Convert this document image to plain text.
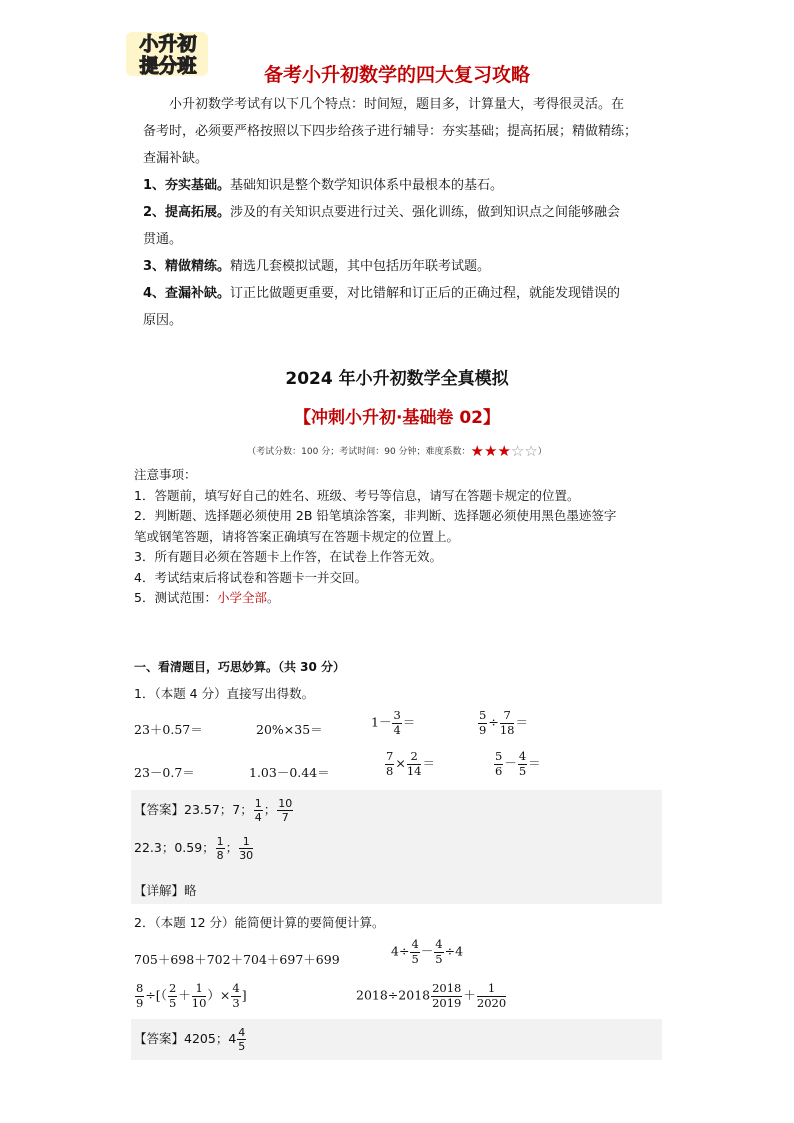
小升初
提分班	备考小升初数学的四大复习攻略
小升初数学考试有以下几个特点：时间短，题目多，计算量大，考得很灵活。在
备考时，必须要严格按照以下四步给孩子进行辅导：夯实基础；提高拓展；精做精练；
查漏补缺。
1、夯实基础。基础知识是整个数学知识体系中最根本的基石。
2、提高拓展。涉及的有关知识点要进行过关、强化训练，做到知识点之间能够融会
贯通。
3、精做精练。精选几套模拟试题，其中包括历年联考试题。
4、查漏补缺。订正比做题更重要，对比错解和订正后的正确过程，就能发现错误的
原因。
2024 年小升初数学全真模拟
【冲刺小升初·基础卷 02】
（考试分数：100 分；考试时间：90 分钟；难度系数：★★★☆☆）
注意事项：
1．答题前，填写好自己的姓名、班级、考号等信息，请写在答题卡规定的位置。
2．判断题、选择题必须使用 2B 铅笔填涂答案，非判断、选择题必须使用黑色墨迹签字
笔或钢笔答题，请将答案正确填写在答题卡规定的位置上。
3．所有题目必须在答题卡上作答，在试卷上作答无效。
4．考试结束后将试卷和答题卡一并交回。
5．测试范围：小学全部。
一、看清题目，巧思妙算。（共 30 分）
1．（本题 4 分）直接写出得数。
23＋0.57＝	20%×35＝	$1- \frac{3}{4}$ ＝	$\frac{5}{9} \div \frac{7}{18}$ ＝
23－0.7＝	1.03－0.44＝	$\frac{7}{8} \times \frac{2}{14}$ ＝	$\frac{5}{6} - \frac{4}{5}$ ＝
【答案】23.57；7； $\frac{1}{4}$ ； $\frac{10}{7}$
22.3；0.59； $\frac{1}{8}$ ； $\frac{1}{30}$
【详解】略
2．（本题 12 分）能简便计算的要简便计算。
705＋698＋702＋704＋697＋699
$4\div \frac{4}{5} - \frac{4}{5} \div 4$
$\frac{8}{9}$ ÷[（ $\frac{2}{5} + \frac{1}{10}$ ）× $\frac{4}{3}$ ]	$2018\div 2018 \frac{2018}{2019} + \frac{1}{2020}$
【答案】4205；$4 \frac{4}{5}$
